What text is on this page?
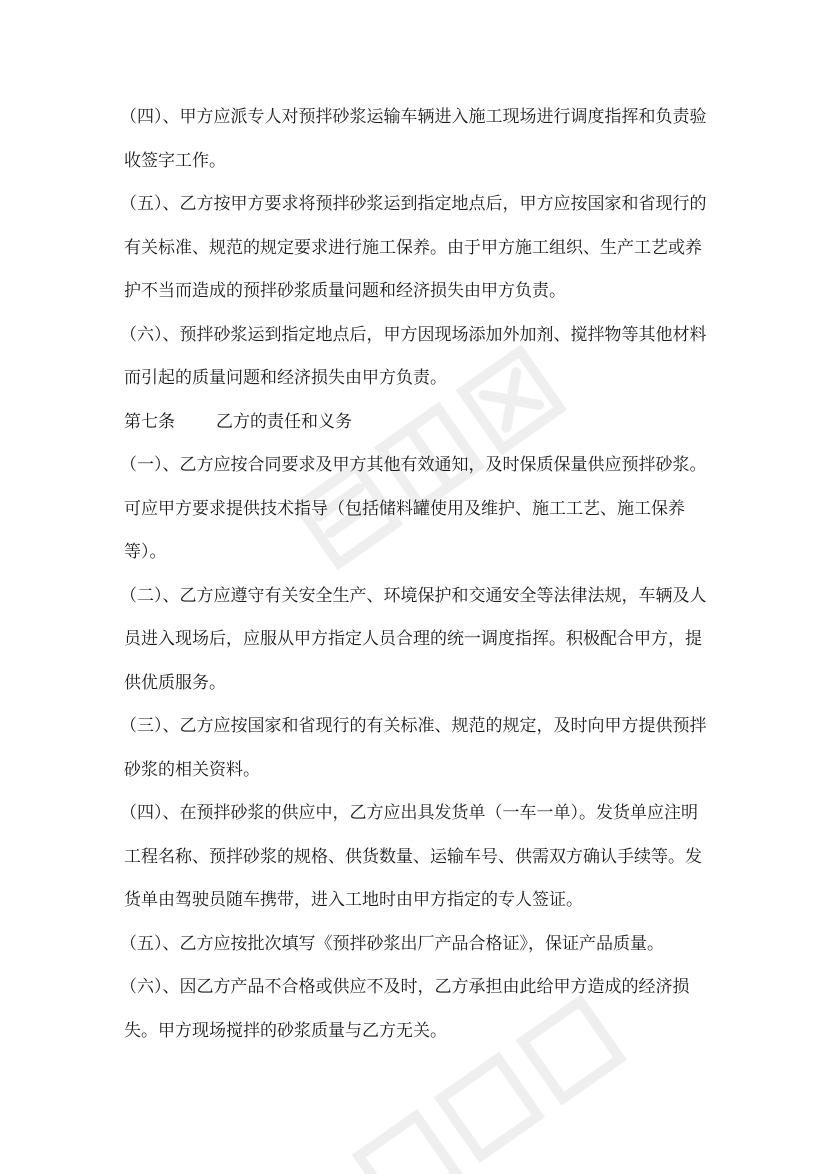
（四）、甲方应派专人对预拌砂浆运输车辆进入施工现场进行调度指挥和负责验
收签字工作。
（五）、乙方按甲方要求将预拌砂浆运到指定地点后，甲方应按国家和省现行的
有关标准、规范的规定要求进行施工保养。由于甲方施工组织、生产工艺或养
护不当而造成的预拌砂浆质量问题和经济损失由甲方负责。
（六）、预拌砂浆运到指定地点后，甲方因现场添加外加剂、搅拌物等其他材料
而引起的质量问题和经济损失由甲方负责。
第七条 乙方的责任和义务
（一）、乙方应按合同要求及甲方其他有效通知，及时保质保量供应预拌砂浆。
可应甲方要求提供技术指导（包括储料罐使用及维护、施工工艺、施工保养
等）。
（二）、乙方应遵守有关安全生产、环境保护和交通安全等法律法规，车辆及人
员进入现场后，应服从甲方指定人员合理的统一调度指挥。积极配合甲方，提
供优质服务。
（三）、乙方应按国家和省现行的有关标准、规范的规定，及时向甲方提供预拌
砂浆的相关资料。
（四）、在预拌砂浆的供应中，乙方应出具发货单（一车一单）。发货单应注明
工程名称、预拌砂浆的规格、供货数量、运输车号、供需双方确认手续等。发
货单由驾驶员随车携带，进入工地时由甲方指定的专人签证。
（五）、乙方应按批次填写《预拌砂浆出厂产品合格证》，保证产品质量。
（六）、因乙方产品不合格或供应不及时，乙方承担由此给甲方造成的经济损
失。甲方现场搅拌的砂浆质量与乙方无关。
